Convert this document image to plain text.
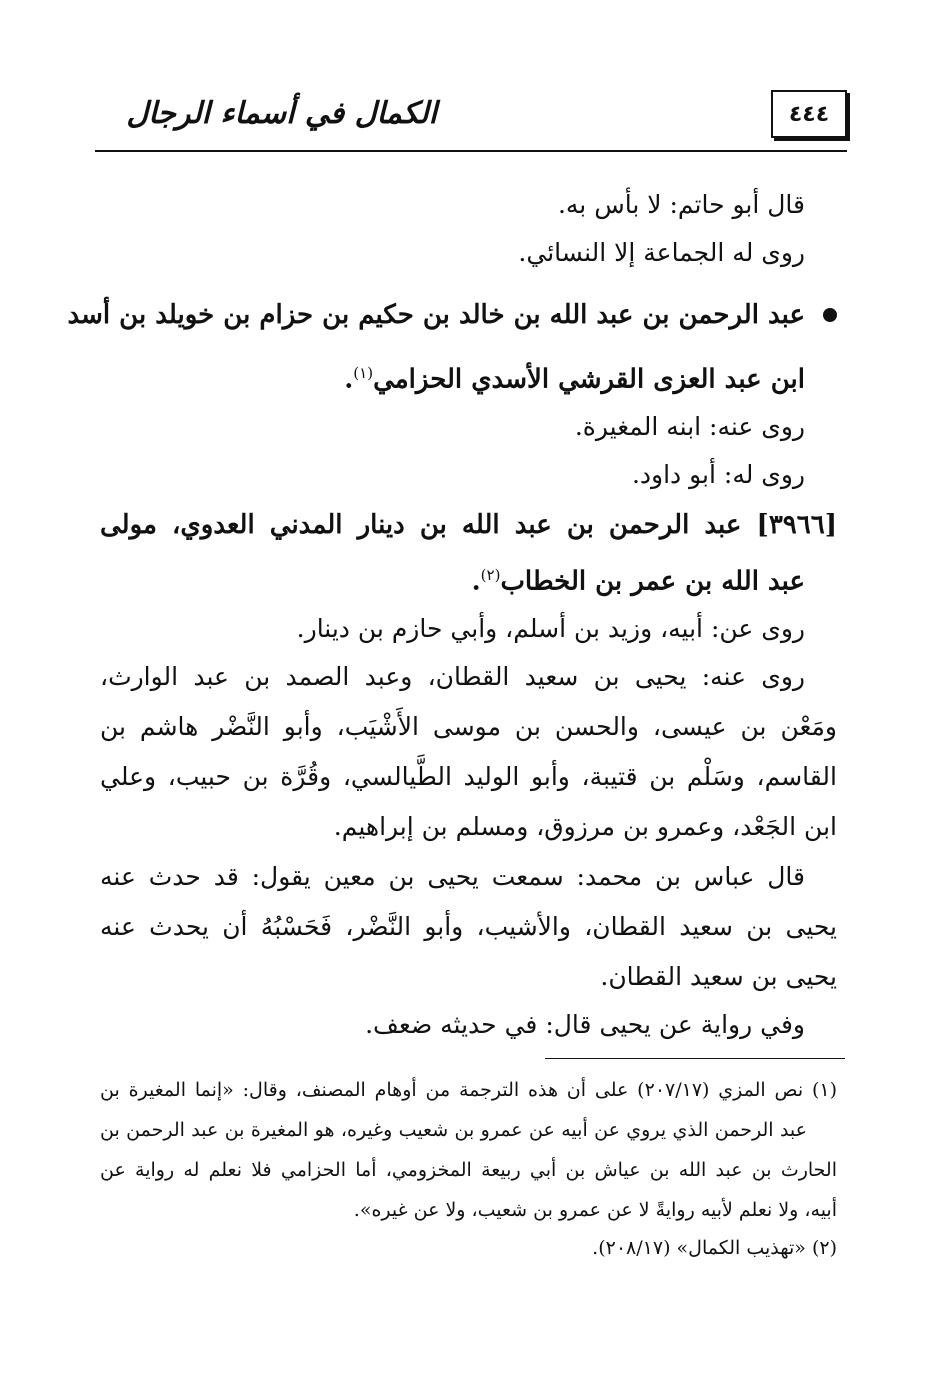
الكمال في أسماء الرجال	٤٤٤
قال أبو حاتم: لا بأس به.
روى له الجماعة إلا النسائي.
عبد الرحمن بن عبد الله بن خالد بن حكيم بن حزام بن خويلد بن أسد
ابن عبد العزى القرشي الأسدي الحزامي$^{(١)}$.
روى عنه: ابنه المغيرة.
روى له: أبو داود.
[٣٩٦٦] عبد الرحمن بن عبد الله بن دينار المدني العدوي، مولى
عبد الله بن عمر بن الخطاب$^{(٢)}$.
روى عن: أبيه، وزيد بن أسلم، وأبي حازم بن دينار.
روى عنه: يحيى بن سعيد القطان، وعبد الصمد بن عبد الوارث،
ومَعْن بن عيسى، والحسن بن موسى الأَشْيَب، وأبو النَّضْر هاشم بن
القاسم، وسَلْم بن قتيبة، وأبو الوليد الطَّيالسي، وقُرَّة بن حبيب، وعلي
ابن الجَعْد، وعمرو بن مرزوق، ومسلم بن إبراهيم.
قال عباس بن محمد: سمعت يحيى بن معين يقول: قد حدث عنه
يحيى بن سعيد القطان، والأشيب، وأبو النَّضْر، فَحَسْبُهُ أن يحدث عنه
يحيى بن سعيد القطان.
وفي رواية عن يحيى قال: في حديثه ضعف.
(١) نص المزي (٢٠٧/١٧) على أن هذه الترجمة من أوهام المصنف، وقال: «إنما المغيرة بن
عبد الرحمن الذي يروي عن أبيه عن عمرو بن شعيب وغيره، هو المغيرة بن عبد الرحمن بن
الحارث بن عبد الله بن عياش بن أبي ربيعة المخزومي، أما الحزامي فلا نعلم له رواية عن
أبيه، ولا نعلم لأبيه روايةً لا عن عمرو بن شعيب، ولا عن غيره».
(٢) «تهذيب الكمال» (٢٠٨/١٧).
